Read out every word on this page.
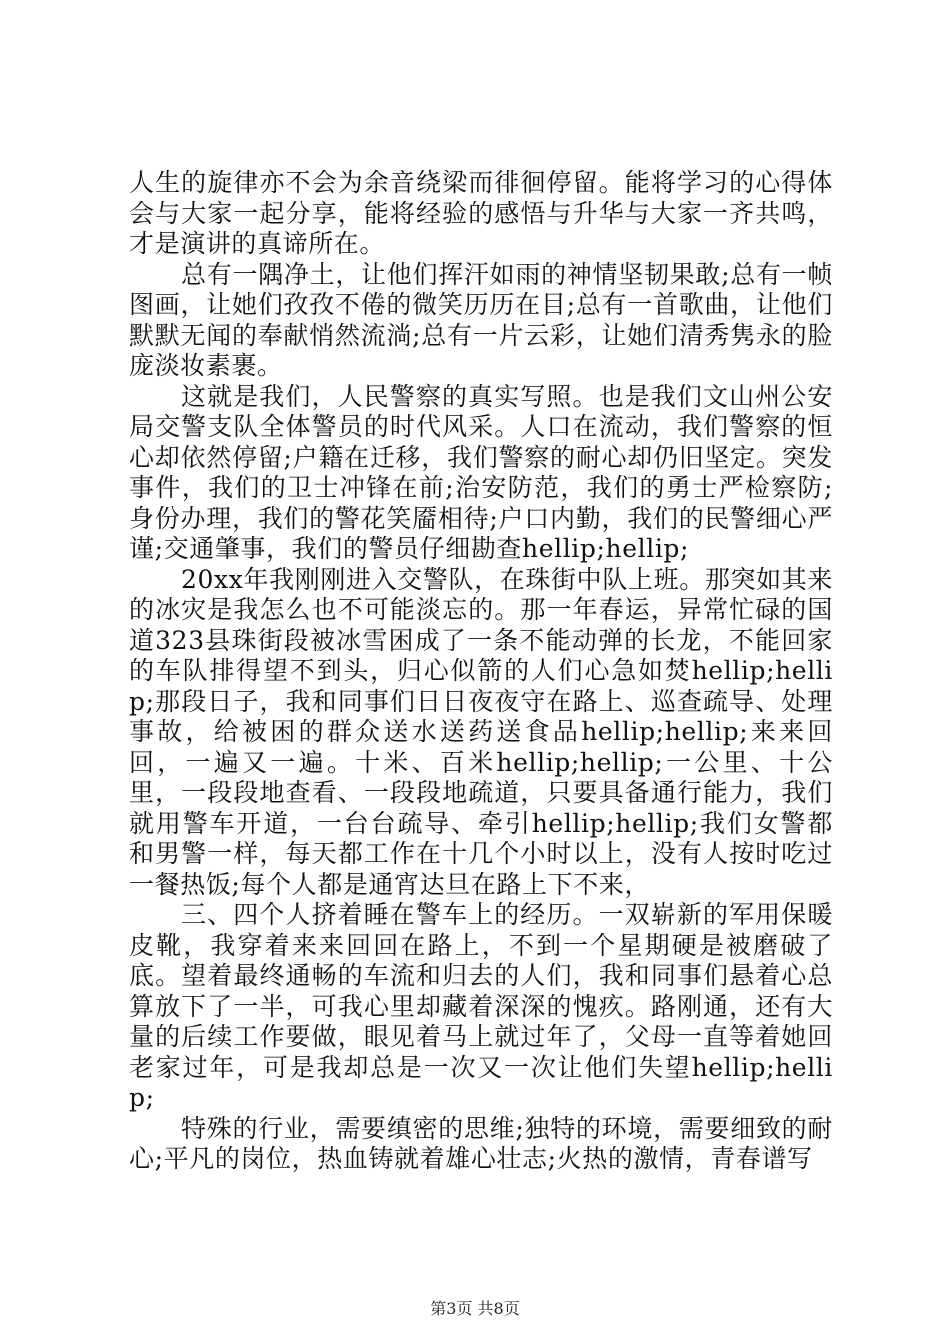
人生的旋律亦不会为余音绕梁而徘徊停留。能将学习的心得体会与大家一起分享，能将经验的感悟与升华与大家一齐共鸣，才是演讲的真谛所在。

总有一隅净土，让他们挥汗如雨的神情坚韧果敢;总有一帧图画，让她们孜孜不倦的微笑历历在目;总有一首歌曲，让他们默默无闻的奉献悄然流淌;总有一片云彩，让她们清秀隽永的脸庞淡妆素裹。

这就是我们，人民警察的真实写照。也是我们文山州公安局交警支队全体警员的时代风采。人口在流动，我们警察的恒心却依然停留;户籍在迁移，我们警察的耐心却仍旧坚定。突发事件，我们的卫士冲锋在前;治安防范，我们的勇士严检察防;身份办理，我们的警花笑靥相待;户口内勤，我们的民警细心严谨;交通肇事，我们的警员仔细勘查hellip;hellip;

20xx年我刚刚进入交警队，在珠街中队上班。那突如其来的冰灾是我怎么也不可能淡忘的。那一年春运，异常忙碌的国道323县珠街段被冰雪困成了一条不能动弹的长龙，不能回家的车队排得望不到头，归心似箭的人们心急如焚hellip;hellip;那段日子，我和同事们日日夜夜守在路上、巡查疏导、处理事故，给被困的群众送水送药送食品hellip;hellip;来来回回，一遍又一遍。十米、百米hellip;hellip;一公里、十公里，一段段地查看、一段段地疏道，只要具备通行能力，我们就用警车开道，一台台疏导、牵引hellip;hellip;我们女警都和男警一样，每天都工作在十几个小时以上，没有人按时吃过一餐热饭;每个人都是通宵达旦在路上下不来，

三、四个人挤着睡在警车上的经历。一双崭新的军用保暖皮靴，我穿着来来回回在路上，不到一个星期硬是被磨破了底。望着最终通畅的车流和归去的人们，我和同事们悬着心总算放下了一半，可我心里却藏着深深的愧疚。路刚通，还有大量的后续工作要做，眼见着马上就过年了，父母一直等着她回老家过年，可是我却总是一次又一次让他们失望hellip;hellip;

特殊的行业，需要缜密的思维;独特的环境，需要细致的耐心;平凡的岗位，热血铸就着雄心壮志;火热的激情，青春谱写

第3页 共8页
